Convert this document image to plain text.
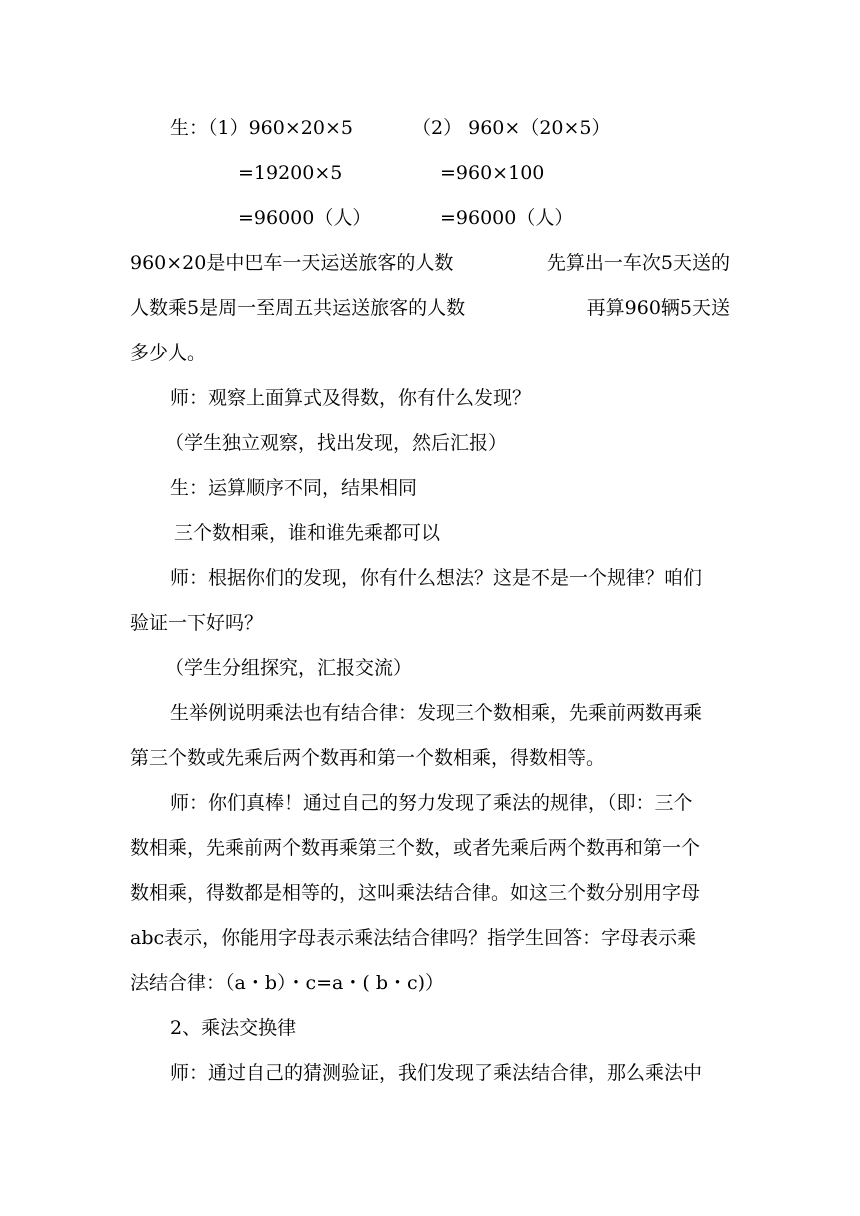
生：（1）960×20×5	（2） 960×（20×5）
=19200×5	=960×100
=96000（人）	=96000（人）
960×20是中巴车一天运送旅客的人数	先算出一车次5天送的
人数乘5是周一至周五共运送旅客的人数	再算960辆5天送
多少人。
师：观察上面算式及得数，你有什么发现？
（学生独立观察，找出发现，然后汇报）
生：运算顺序不同，结果相同
三个数相乘，谁和谁先乘都可以
师：根据你们的发现，你有什么想法？这是不是一个规律？咱们
验证一下好吗？
（学生分组探究，汇报交流）
生举例说明乘法也有结合律：发现三个数相乘，先乘前两数再乘
第三个数或先乘后两个数再和第一个数相乘，得数相等。
师：你们真棒！通过自己的努力发现了乘法的规律，（即：三个
数相乘，先乘前两个数再乘第三个数，或者先乘后两个数再和第一个
数相乘，得数都是相等的，这叫乘法结合律。如这三个数分别用字母
abc表示，你能用字母表示乘法结合律吗？指学生回答：字母表示乘
法结合律：（a・b）・c=a・( b・c)）
2、乘法交换律
师：通过自己的猜测验证，我们发现了乘法结合律，那么乘法中
